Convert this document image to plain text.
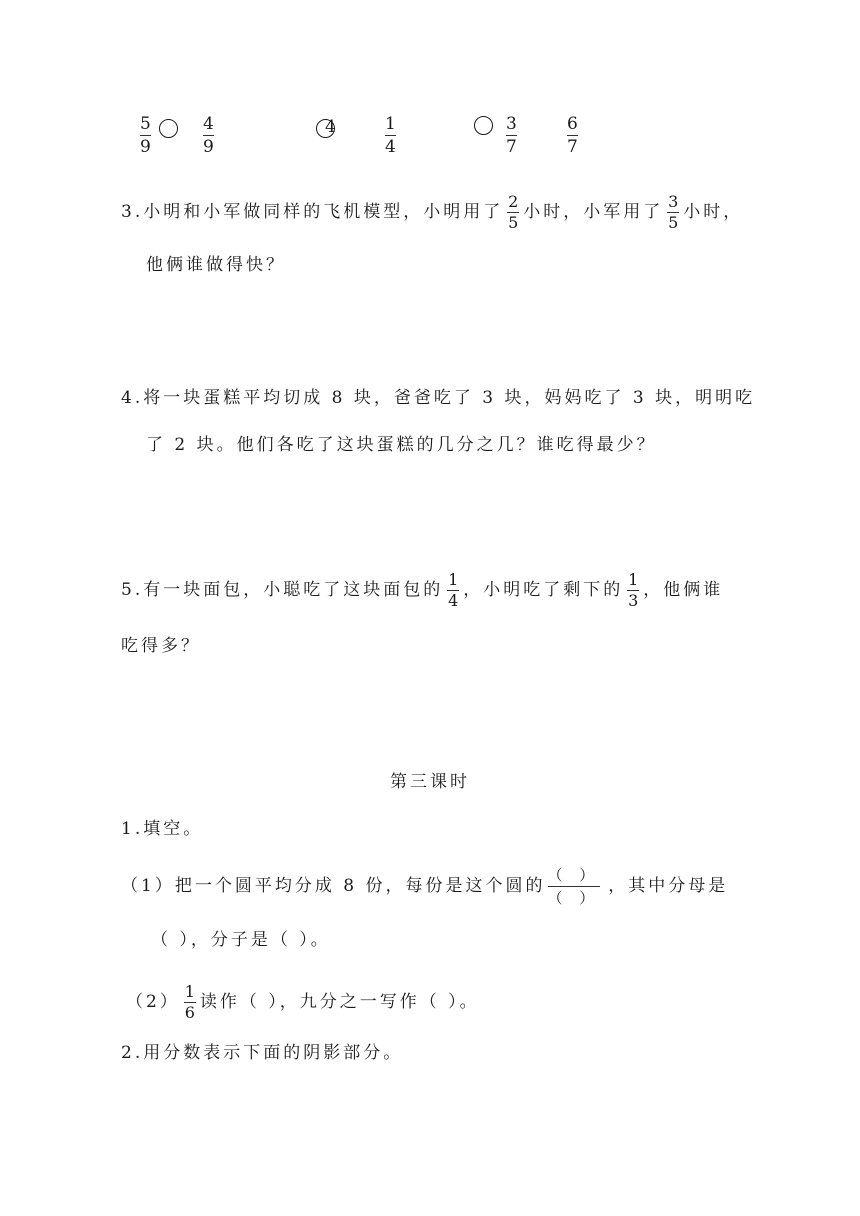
5
9
4
9
4	1
4
3
7
6
7
3.小明和小军做同样的飞机模型，小明用了 $\frac{2}{5}$ 小时，小军用了 $\frac{3}{5}$ 小时，
他俩谁做得快？
4.将一块蛋糕平均切成 8 块，爸爸吃了 3 块，妈妈吃了 3 块，明明吃
了 2 块。他们各吃了这块蛋糕的几分之几？谁吃得最少？
5.有一块面包，小聪吃了这块面包的 $\frac{1}{4}$ ，小明吃了剩下的 $\frac{1}{3}$ ，他俩谁
吃得多？
第三课时
1.填空。
（1）把一个圆平均分成 8 份，每份是这个圆的 $\frac{( )}{( )}$ ，其中分母是
（ ），分子是（ ）。
$(2) \frac{1}{6}$ 读作（ ），九分之一写作（ ）。
2.用分数表示下面的阴影部分。
